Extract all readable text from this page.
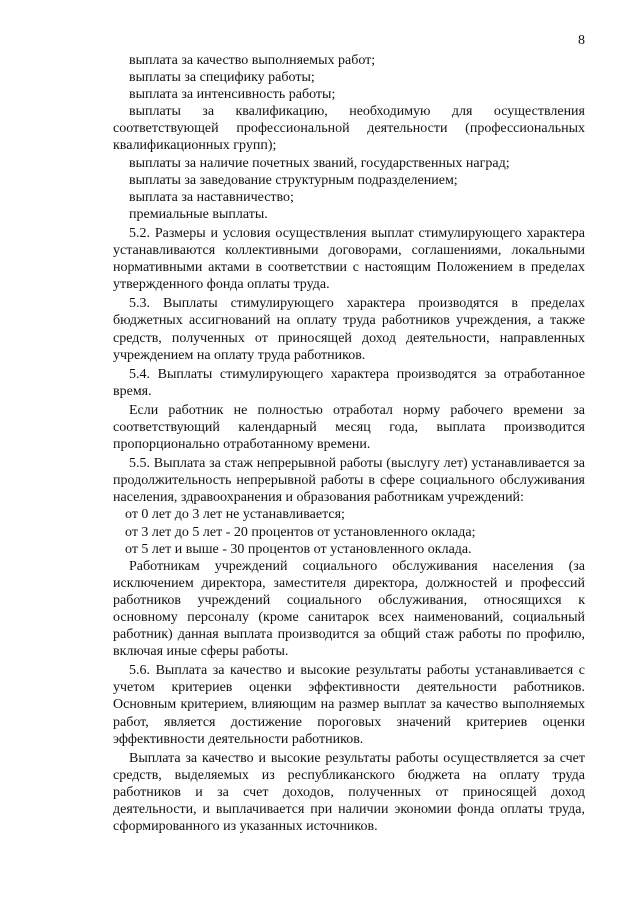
8

выплата за качество выполняемых работ;

выплаты за специфику работы;

выплата за интенсивность работы;

выплаты за квалификацию, необходимую для осуществления соответствующей профессиональной деятельности (профессиональных квалификационных групп);

выплаты за наличие почетных званий, государственных наград;

выплаты за заведование структурным подразделением;

выплата за наставничество;

премиальные выплаты.

5.2. Размеры и условия осуществления выплат стимулирующего характера устанавливаются коллективными договорами, соглашениями, локальными нормативными актами в соответствии с настоящим Положением в пределах утвержденного фонда оплаты труда.

5.3. Выплаты стимулирующего характера производятся в пределах бюджетных ассигнований на оплату труда работников учреждения, а также средств, полученных от приносящей доход деятельности, направленных учреждением на оплату труда работников.

5.4. Выплаты стимулирующего характера производятся за отработанное время.

Если работник не полностью отработал норму рабочего времени за соответствующий календарный месяц года, выплата производится пропорционально отработанному времени.

5.5. Выплата за стаж непрерывной работы (выслугу лет) устанавливается за продолжительность непрерывной работы в сфере социального обслуживания населения, здравоохранения и образования работникам учреждений:

от 0 лет до 3 лет не устанавливается;

от 3 лет до 5 лет - 20 процентов от установленного оклада;

от 5 лет и выше - 30 процентов от установленного оклада.

Работникам учреждений социального обслуживания населения (за исключением директора, заместителя директора, должностей и профессий работников учреждений социального обслуживания, относящихся к основному персоналу (кроме санитарок всех наименований, социальный работник) данная выплата производится за общий стаж работы по профилю, включая иные сферы работы.

5.6. Выплата за качество и высокие результаты работы устанавливается с учетом критериев оценки эффективности деятельности работников. Основным критерием, влияющим на размер выплат за качество выполняемых работ, является достижение пороговых значений критериев оценки эффективности деятельности работников.

Выплата за качество и высокие результаты работы осуществляется за счет средств, выделяемых из республиканского бюджета на оплату труда работников и за счет доходов, полученных от приносящей доход деятельности, и выплачивается при наличии экономии фонда оплаты труда, сформированного из указанных источников.
